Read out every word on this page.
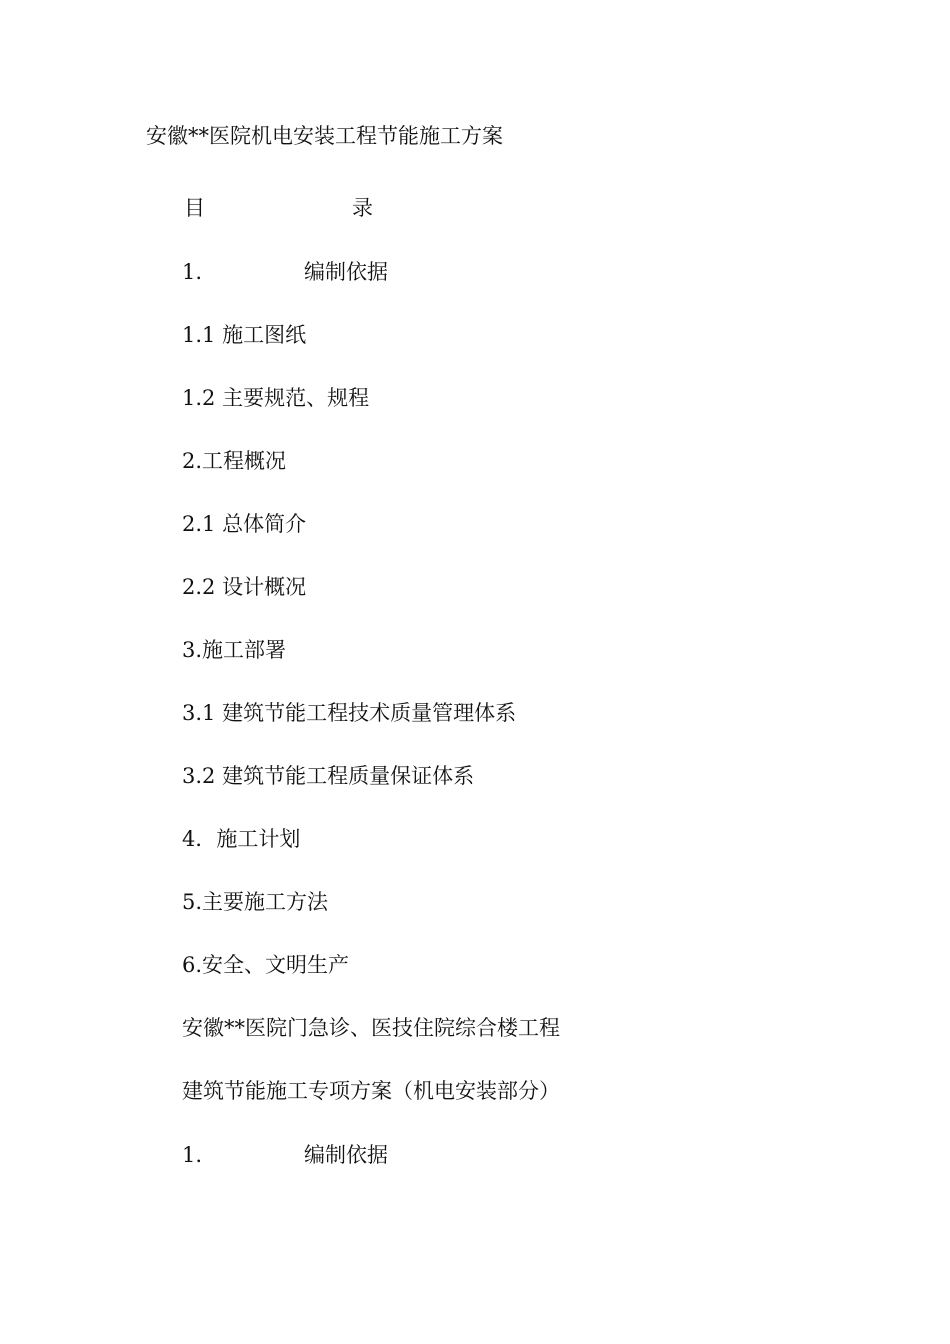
安徽**医院机电安装工程节能施工方案
目	录
1.	编制依据
1.1 施工图纸
1.2 主要规范、规程
2.工程概况
2.1 总体简介
2.2 设计概况
3.施工部署
3.1 建筑节能工程技术质量管理体系
3.2 建筑节能工程质量保证体系
4．施工计划
5.主要施工方法
6.安全、文明生产
安徽**医院门急诊、医技住院综合楼工程
建筑节能施工专项方案（机电安装部分）
1.	编制依据
